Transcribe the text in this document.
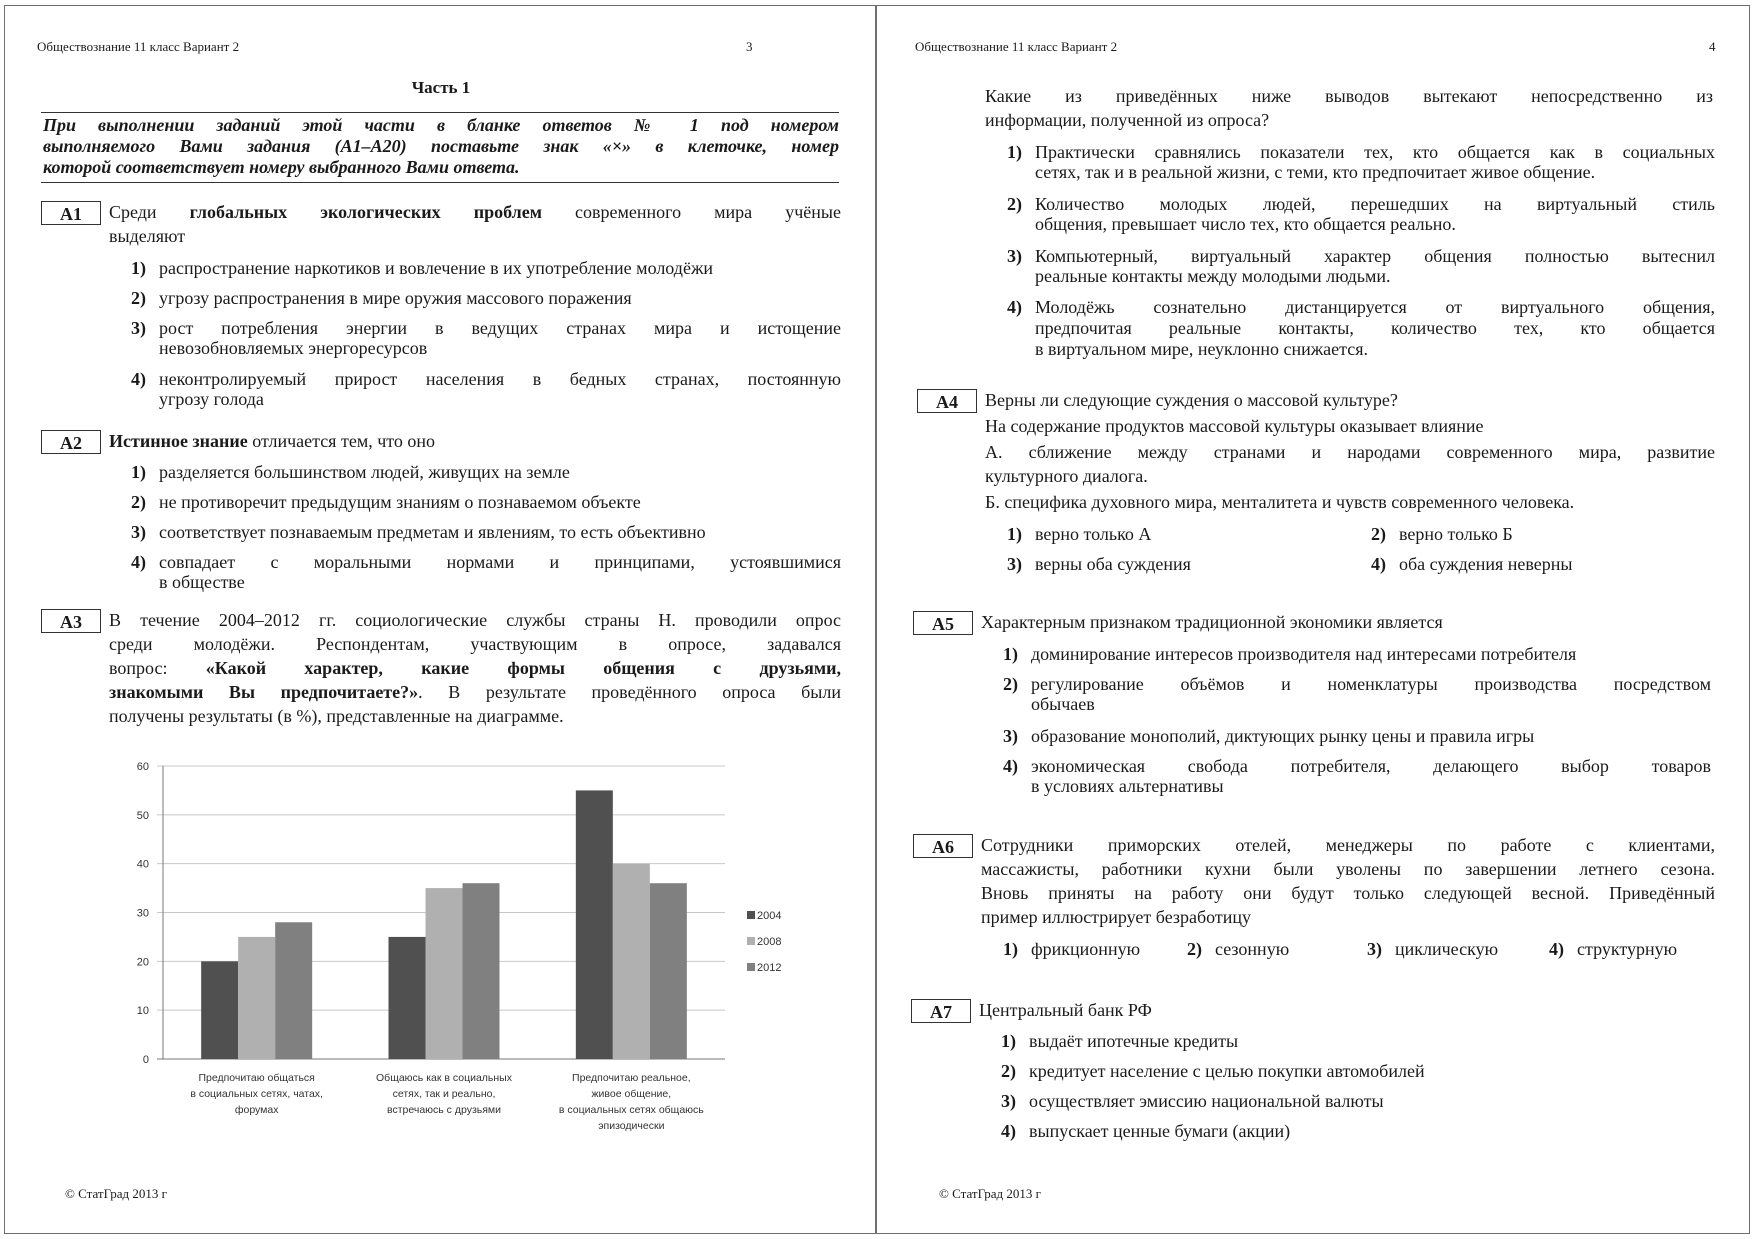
Обществознание 11 класс Вариант 2	3
Часть 1
При выполнении заданий этой части в бланке ответов № 1 под номером
выполняемого Вами задания (А1–А20) поставьте знак «×» в клеточке, номер
которой соответствует номеру выбранного Вами ответа.
A1	Среди глобальных экологических проблем современного мира учёные
выделяют
1) распространение наркотиков и вовлечение в их употребление молодёжи
2) угрозу распространения в мире оружия массового поражения
3) рост потребления энергии в ведущих странах мира и истощение
невозобновляемых энергоресурсов
4) неконтролируемый прирост населения в бедных странах, постоянную
угрозу голода
A2	Истинное знание отличается тем, что оно
1) разделяется большинством людей, живущих на земле
2) не противоречит предыдущим знаниям о познаваемом объекте
3) соответствует познаваемым предметам и явлениям, то есть объективно
4) совпадает с моральными нормами и принципами, устоявшимися
в обществе
A3	В течение 2004–2012 гг. социологические службы страны Н. проводили опрос
среди молодёжи. Респондентам, участвующим в опросе, задавался
вопрос: «Какой характер, какие формы общения с друзьями,
знакомыми Вы предпочитаете?». В результате проведённого опроса были
получены результаты (в %), представленные на диаграмме.
0
10
20
30
40
50
60
Предпочитаю общаться
в социальных сетях, чатах,
форумах
Общаюсь как в социальных
сетях, так и реально,
встречаюсь с друзьями
Предпочитаю реальное,
живое общение,
в социальных сетях общаюсь
эпизодически
2004
2008
2012
© СтатГрад 2013 г
Обществознание 11 класс Вариант 2	4
Какие из приведённых ниже выводов вытекают непосредственно из
информации, полученной из опроса?
1) Практически сравнялись показатели тех, кто общается как в социальных
сетях, так и в реальной жизни, с теми, кто предпочитает живое общение.
2) Количество молодых людей, перешедших на виртуальный стиль
общения, превышает число тех, кто общается реально.
3) Компьютерный, виртуальный характер общения полностью вытеснил
реальные контакты между молодыми людьми.
4) Молодёжь сознательно дистанцируется от виртуального общения,
предпочитая реальные контакты, количество тех, кто общается
в виртуальном мире, неуклонно снижается.
A4	Верны ли следующие суждения о массовой культуре?
На содержание продуктов массовой культуры оказывает влияние
А. сближение между странами и народами современного мира, развитие
культурного диалога.
Б. специфика духовного мира, менталитета и чувств современного человека.
1) верно только А	2) верно только Б
3) верны оба суждения	4) оба суждения неверны
A5	Характерным признаком традиционной экономики является
1) доминирование интересов производителя над интересами потребителя
2) регулирование объёмов и номенклатуры производства посредством
обычаев
3) образование монополий, диктующих рынку цены и правила игры
4) экономическая свобода потребителя, делающего выбор товаров
в условиях альтернативы
A6	Сотрудники приморских отелей, менеджеры по работе с клиентами,
массажисты, работники кухни были уволены по завершении летнего сезона.
Вновь приняты на работу они будут только следующей весной. Приведённый
пример иллюстрирует безработицу
1) фрикционную	2) сезонную	3) циклическую	4) структурную
A7	Центральный банк РФ
1) выдаёт ипотечные кредиты
2) кредитует население с целью покупки автомобилей
3) осуществляет эмиссию национальной валюты
4) выпускает ценные бумаги (акции)
© СтатГрад 2013 г
